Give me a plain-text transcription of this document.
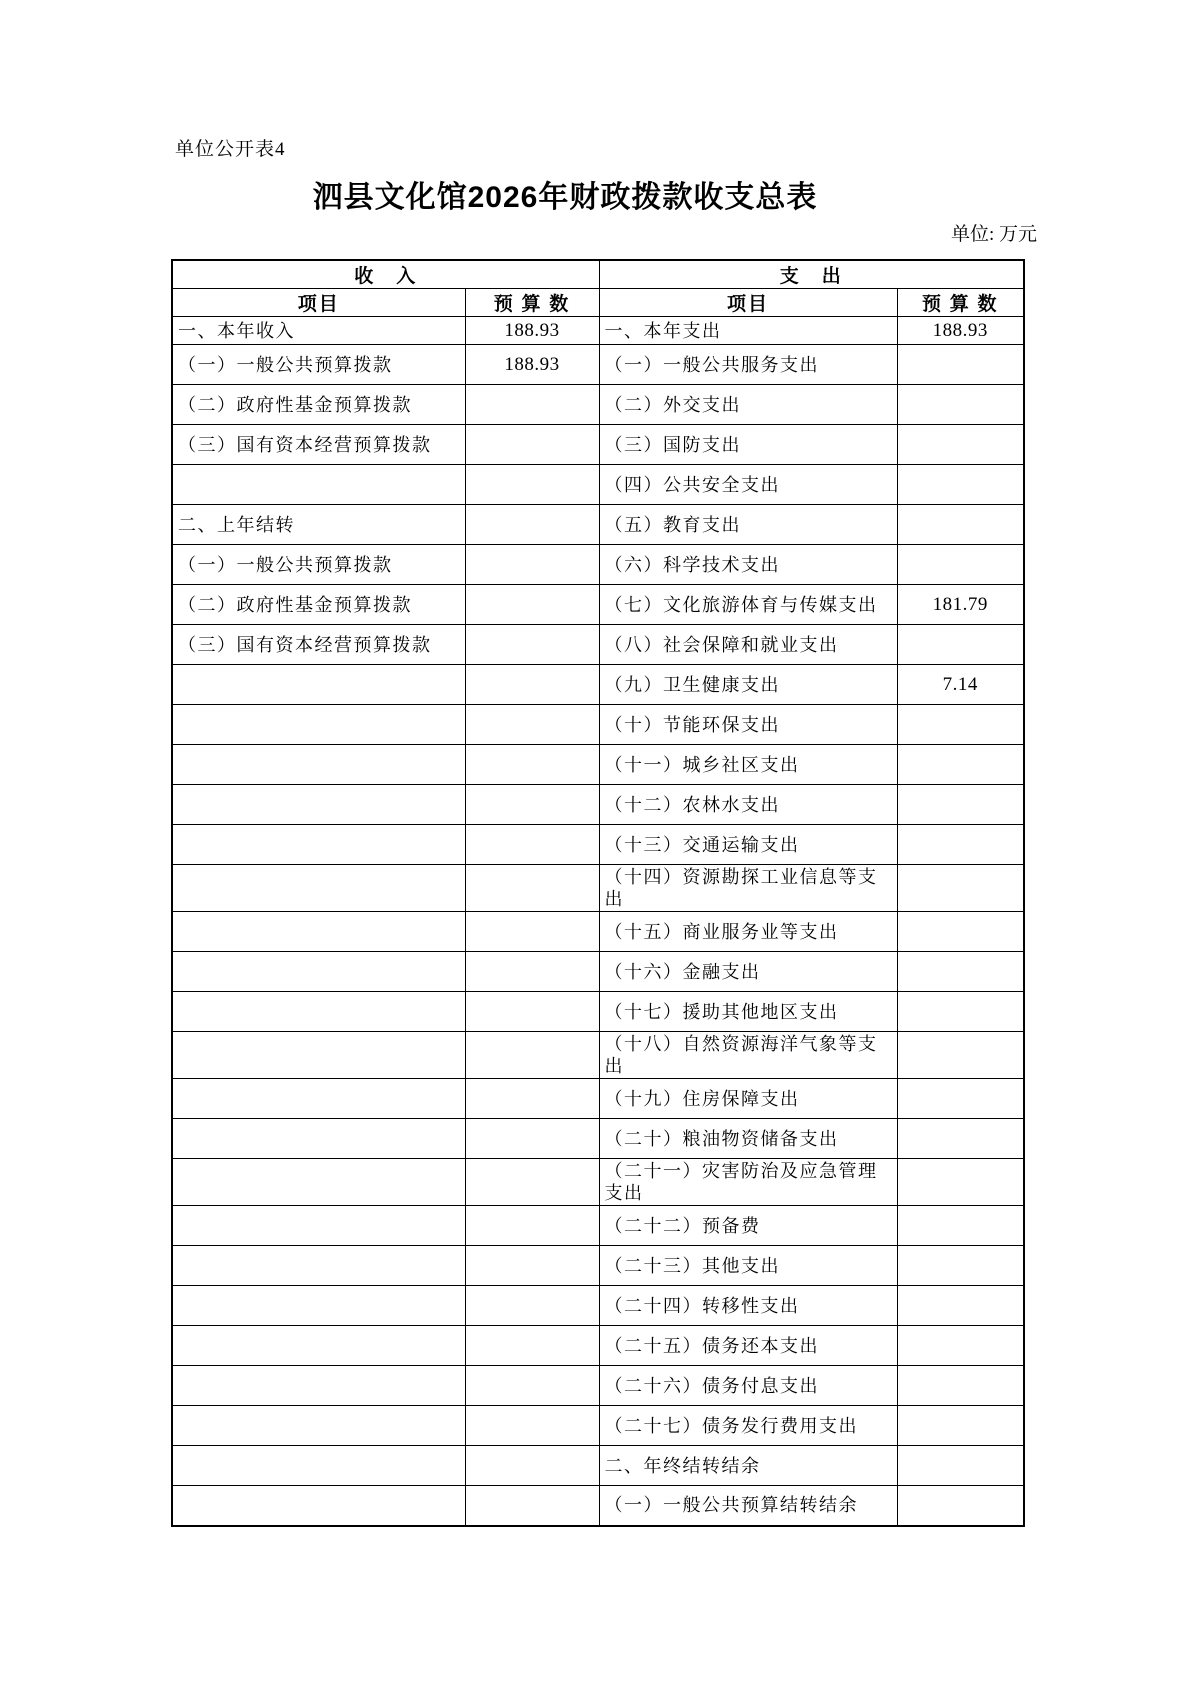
单位公开表4
泗县文化馆2026年财政拨款收支总表
单位: 万元
收　入		支　出	
项目	预 算 数	项目	预 算 数
一、本年收入	188.93	一、本年支出	188.93
（一）一般公共预算拨款	188.93	（一）一般公共服务支出	
（二）政府性基金预算拨款		（二）外交支出	
（三）国有资本经营预算拨款		（三）国防支出	
		（四）公共安全支出	
二、上年结转		（五）教育支出	
（一）一般公共预算拨款		（六）科学技术支出	
（二）政府性基金预算拨款		（七）文化旅游体育与传媒支出	181.79
（三）国有资本经营预算拨款		（八）社会保障和就业支出	
		（九）卫生健康支出	7.14
		（十）节能环保支出	
		（十一）城乡社区支出	
		（十二）农林水支出	
		（十三）交通运输支出	
		（十四）资源勘探工业信息等支出	
		（十五）商业服务业等支出	
		（十六）金融支出	
		（十七）援助其他地区支出	
		（十八）自然资源海洋气象等支出	
		（十九）住房保障支出	
		（二十）粮油物资储备支出	
		（二十一）灾害防治及应急管理支出	
		（二十二）预备费	
		（二十三）其他支出	
		（二十四）转移性支出	
		（二十五）债务还本支出	
		（二十六）债务付息支出	
		（二十七）债务发行费用支出	
		二、年终结转结余	
		（一）一般公共预算结转结余	
